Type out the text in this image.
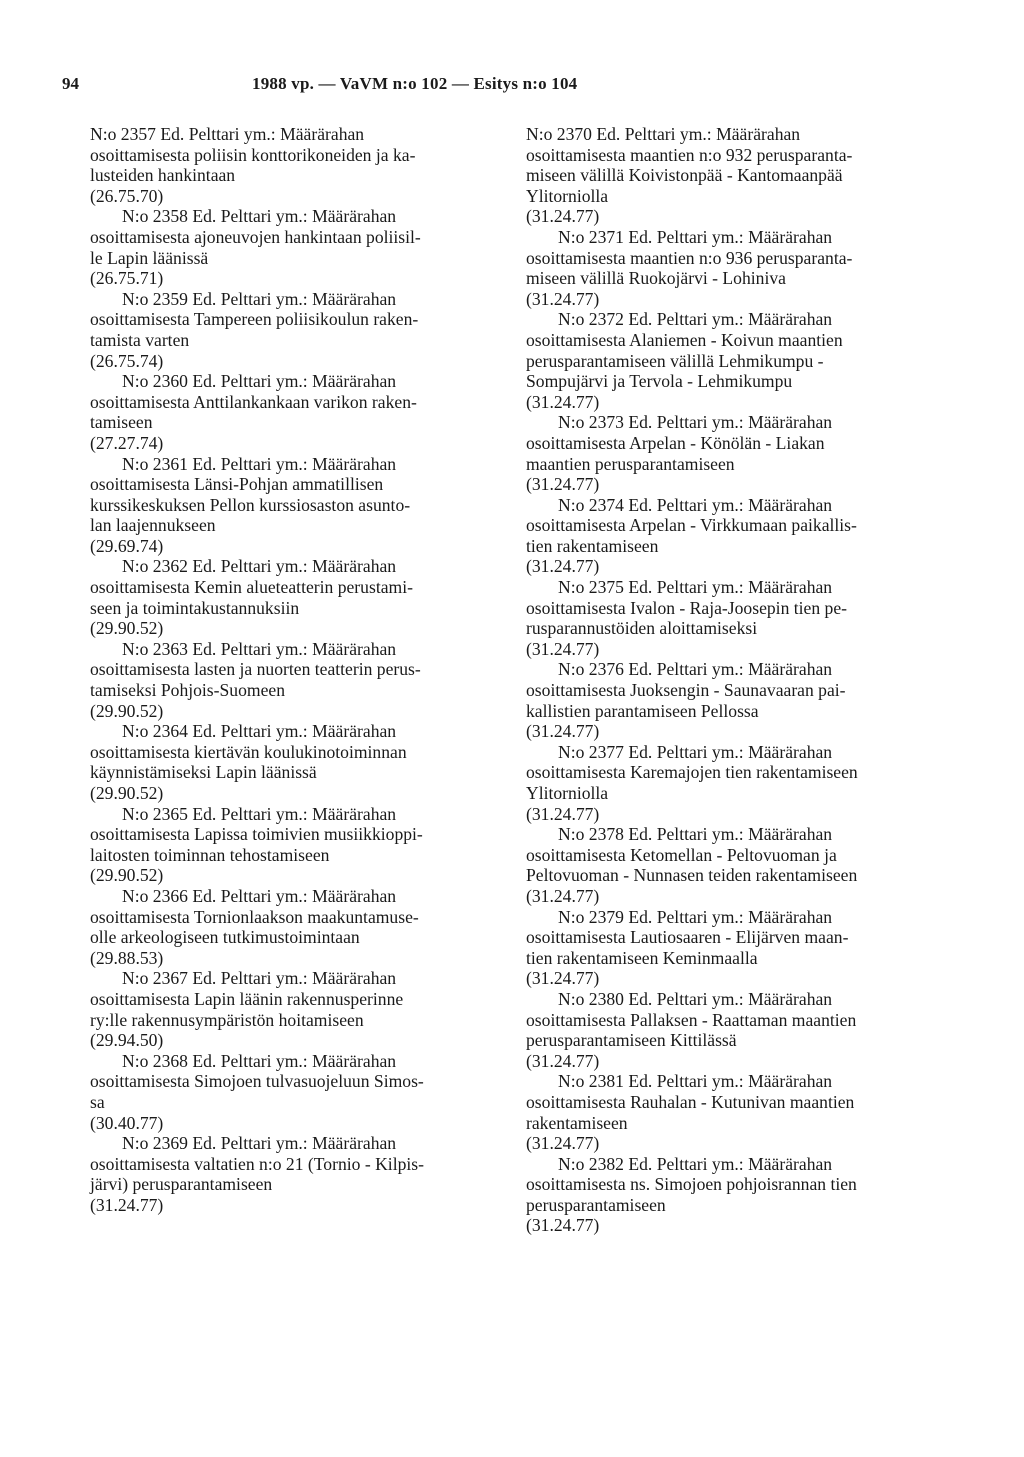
94	1988 vp. — VaVM n:o 102 — Esitys n:o 104
N:o 2357 Ed. Pelttari ym.: Määrärahan
osoittamisesta poliisin konttorikoneiden ja ka-
lusteiden hankintaan
(26.75.70)
N:o 2358 Ed. Pelttari ym.: Määrärahan
osoittamisesta ajoneuvojen hankintaan poliisil-
le Lapin läänissä
(26.75.71)
N:o 2359 Ed. Pelttari ym.: Määrärahan
osoittamisesta Tampereen poliisikoulun raken-
tamista varten
(26.75.74)
N:o 2360 Ed. Pelttari ym.: Määrärahan
osoittamisesta Anttilankankaan varikon raken-
tamiseen
(27.27.74)
N:o 2361 Ed. Pelttari ym.: Määrärahan
osoittamisesta Länsi-Pohjan ammatillisen
kurssikeskuksen Pellon kurssiosaston asunto-
lan laajennukseen
(29.69.74)
N:o 2362 Ed. Pelttari ym.: Määrärahan
osoittamisesta Kemin alueteatterin perustami-
seen ja toimintakustannuksiin
(29.90.52)
N:o 2363 Ed. Pelttari ym.: Määrärahan
osoittamisesta lasten ja nuorten teatterin perus-
tamiseksi Pohjois-Suomeen
(29.90.52)
N:o 2364 Ed. Pelttari ym.: Määrärahan
osoittamisesta kiertävän koulukinotoiminnan
käynnistämiseksi Lapin läänissä
(29.90.52)
N:o 2365 Ed. Pelttari ym.: Määrärahan
osoittamisesta Lapissa toimivien musiikkioppi-
laitosten toiminnan tehostamiseen
(29.90.52)
N:o 2366 Ed. Pelttari ym.: Määrärahan
osoittamisesta Tornionlaakson maakuntamuse-
olle arkeologiseen tutkimustoimintaan
(29.88.53)
N:o 2367 Ed. Pelttari ym.: Määrärahan
osoittamisesta Lapin läänin rakennusperinne
ry:lle rakennusympäristön hoitamiseen
(29.94.50)
N:o 2368 Ed. Pelttari ym.: Määrärahan
osoittamisesta Simojoen tulvasuojeluun Simos-
sa
(30.40.77)
N:o 2369 Ed. Pelttari ym.: Määrärahan
osoittamisesta valtatien n:o 21 (Tornio - Kilpis-
järvi) perusparantamiseen
(31.24.77)
N:o 2370 Ed. Pelttari ym.: Määrärahan
osoittamisesta maantien n:o 932 perusparanta-
miseen välillä Koivistonpää - Kantomaanpää
Ylitorniolla
(31.24.77)
N:o 2371 Ed. Pelttari ym.: Määrärahan
osoittamisesta maantien n:o 936 perusparanta-
miseen välillä Ruokojärvi - Lohiniva
(31.24.77)
N:o 2372 Ed. Pelttari ym.: Määrärahan
osoittamisesta Alaniemen - Koivun maantien
perusparantamiseen välillä Lehmikumpu -
Sompujärvi ja Tervola - Lehmikumpu
(31.24.77)
N:o 2373 Ed. Pelttari ym.: Määrärahan
osoittamisesta Arpelan - Könölän - Liakan
maantien perusparantamiseen
(31.24.77)
N:o 2374 Ed. Pelttari ym.: Määrärahan
osoittamisesta Arpelan - Virkkumaan paikallis-
tien rakentamiseen
(31.24.77)
N:o 2375 Ed. Pelttari ym.: Määrärahan
osoittamisesta Ivalon - Raja-Joosepin tien pe-
rusparannustöiden aloittamiseksi
(31.24.77)
N:o 2376 Ed. Pelttari ym.: Määrärahan
osoittamisesta Juoksengin - Saunavaaran pai-
kallistien parantamiseen Pellossa
(31.24.77)
N:o 2377 Ed. Pelttari ym.: Määrärahan
osoittamisesta Karemajojen tien rakentamiseen
Ylitorniolla
(31.24.77)
N:o 2378 Ed. Pelttari ym.: Määrärahan
osoittamisesta Ketomellan - Peltovuoman ja
Peltovuoman - Nunnasen teiden rakentamiseen
(31.24.77)
N:o 2379 Ed. Pelttari ym.: Määrärahan
osoittamisesta Lautiosaaren - Elijärven maan-
tien rakentamiseen Keminmaalla
(31.24.77)
N:o 2380 Ed. Pelttari ym.: Määrärahan
osoittamisesta Pallaksen - Raattaman maantien
perusparantamiseen Kittilässä
(31.24.77)
N:o 2381 Ed. Pelttari ym.: Määrärahan
osoittamisesta Rauhalan - Kutunivan maantien
rakentamiseen
(31.24.77)
N:o 2382 Ed. Pelttari ym.: Määrärahan
osoittamisesta ns. Simojoen pohjoisrannan tien
perusparantamiseen
(31.24.77)
